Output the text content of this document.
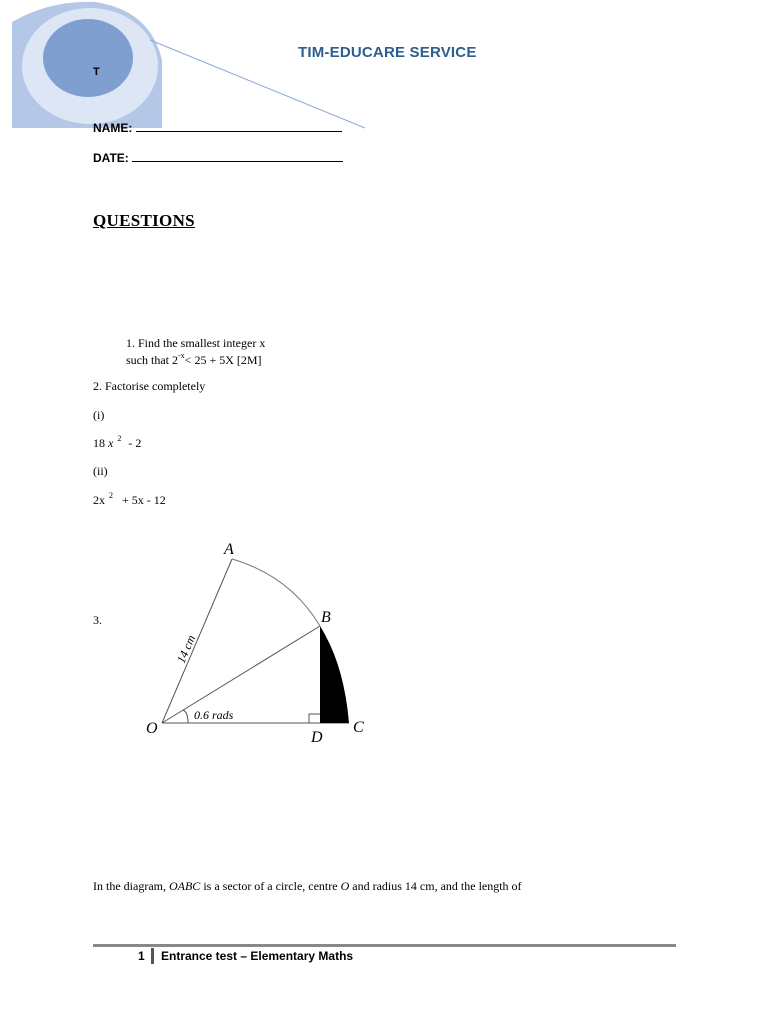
T
TIM-EDUCARE SERVICE
NAME:
DATE:
QUESTIONS
1. Find the smallest integer x
such that $2^{-x}< 25 + 5X$ [2M]
2. Factorise completely
(i)
18 x $^2$ - 2
(ii)
2x $^2$ + 5x - 12
3.
A
B
C
D
O
14 cm
0.6 rads
In the diagram, OABC is a sector of a circle, centre O and radius 14 cm, and the length of
1 Entrance test – Elementary Maths
